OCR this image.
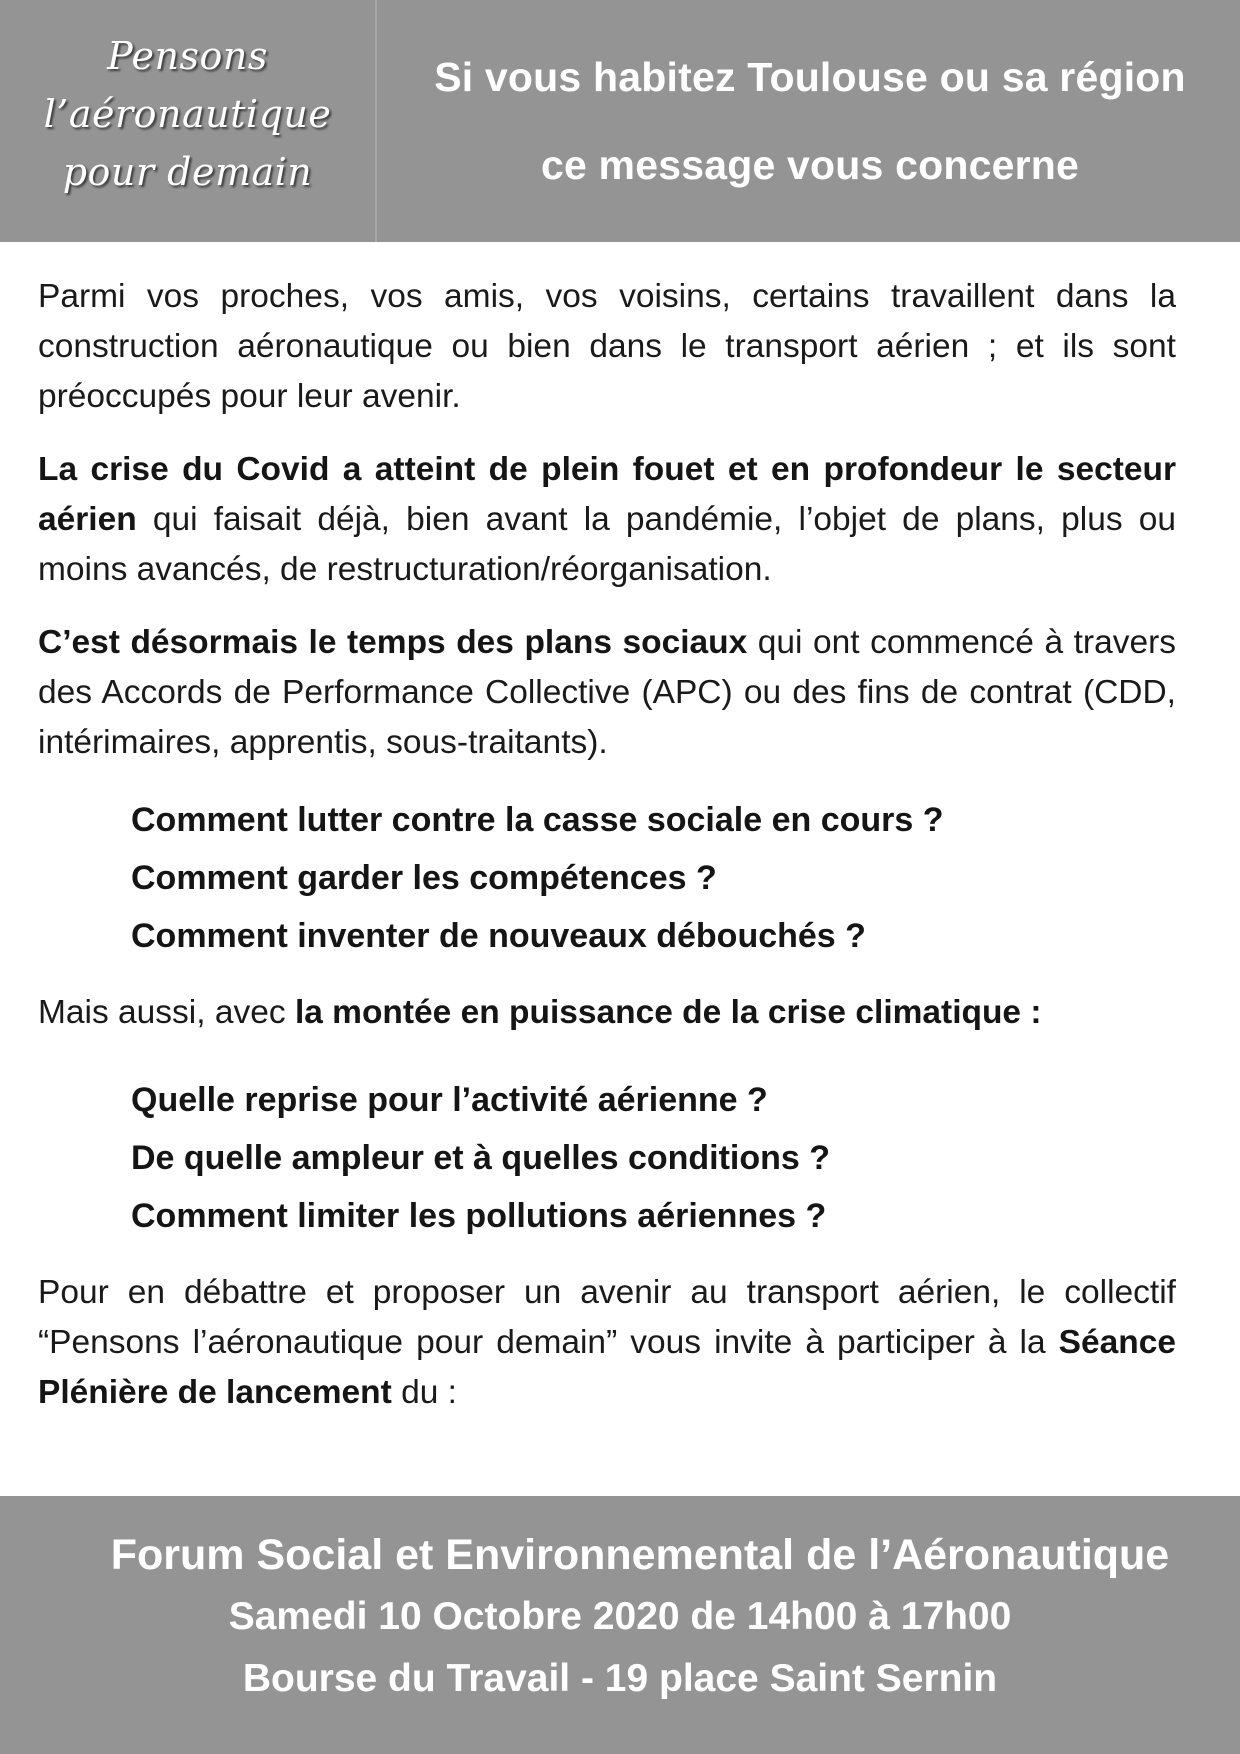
Pensons
l’aéronautique
pour demain
Si vous habitez Toulouse ou sa région
ce message vous concerne

Parmi vos proches, vos amis, vos voisins, certains travaillent dans la construction aéronautique ou bien dans le transport aérien ; et ils sont préoccupés pour leur avenir.

La crise du Covid a atteint de plein fouet et en profondeur le secteur aérien qui faisait déjà, bien avant la pandémie, l’objet de plans, plus ou moins avancés, de restructuration/réorganisation.

C’est désormais le temps des plans sociaux qui ont commencé à travers des Accords de Performance Collective (APC) ou des fins de contrat (CDD, intérimaires, apprentis, sous-traitants).

Comment lutter contre la casse sociale en cours ?
Comment garder les compétences ?
Comment inventer de nouveaux débouchés ?

Mais aussi, avec la montée en puissance de la crise climatique :

Quelle reprise pour l’activité aérienne ?
De quelle ampleur et à quelles conditions ?
Comment limiter les pollutions aériennes ?

Pour en débattre et proposer un avenir au transport aérien, le collectif “Pensons l’aéronautique pour demain” vous invite à participer à la Séance Plénière de lancement du :

Forum Social et Environnemental de l’Aéronautique
Samedi 10 Octobre 2020 de 14h00 à 17h00
Bourse du Travail - 19 place Saint Sernin
